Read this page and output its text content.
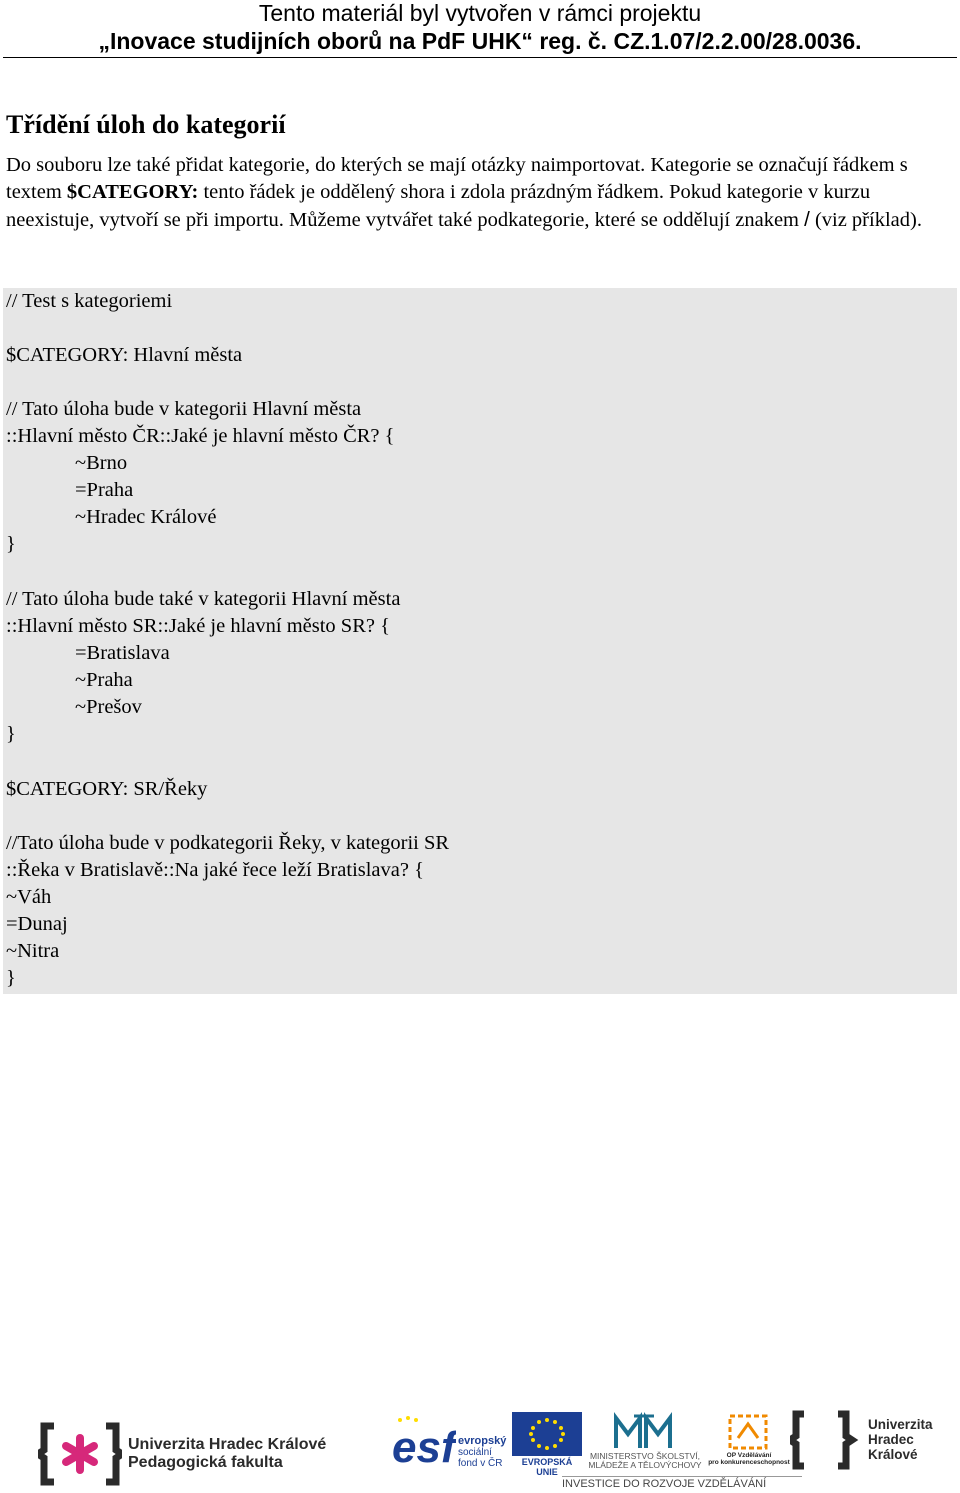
Tento materiál byl vytvořen v rámci projektu
„Inovace studijních oborů na PdF UHK“ reg. č. CZ.1.07/2.2.00/28.0036.
Třídění úloh do kategorií
Do souboru lze také přidat kategorie, do kterých se mají otázky naimportovat. Kategorie se označují řádkem s textem $CATEGORY: tento řádek je oddělený shora i zdola prázdným řádkem. Pokud kategorie v kurzu neexistuje, vytvoří se při importu. Můžeme vytvářet také podkategorie, které se oddělují znakem / (viz příklad).
// Test s kategoriemi
$CATEGORY: Hlavní města
// Tato úloha bude v kategorii Hlavní města
::Hlavní město ČR::Jaké je hlavní město ČR? {
~Brno
=Praha
~Hradec Králové
}
// Tato úloha bude také v kategorii Hlavní města
::Hlavní město SR::Jaké je hlavní město SR? {
=Bratislava
~Praha
~Prešov
}
$CATEGORY: SR/Řeky
//Tato úloha bude v podkategorii Řeky, v kategorii SR
::Řeka v Bratislavě::Na jaké řece leží Bratislava? {
~Váh
=Dunaj
~Nitra
}
Univerzita Hradec Králové
Pedagogická fakulta	esf evropský
sociální
fond v ČR	EVROPSKÁ UNIE
MINISTERSTVO ŠKOLSTVÍ,
MLÁDEŽE A TĚLOVÝCHOVY
OP Vzdělávání
pro konkurenceschopnost
INVESTICE DO ROZVOJE VZDĚLÁVÁNÍ
Univerzita
Hradec
Králové
